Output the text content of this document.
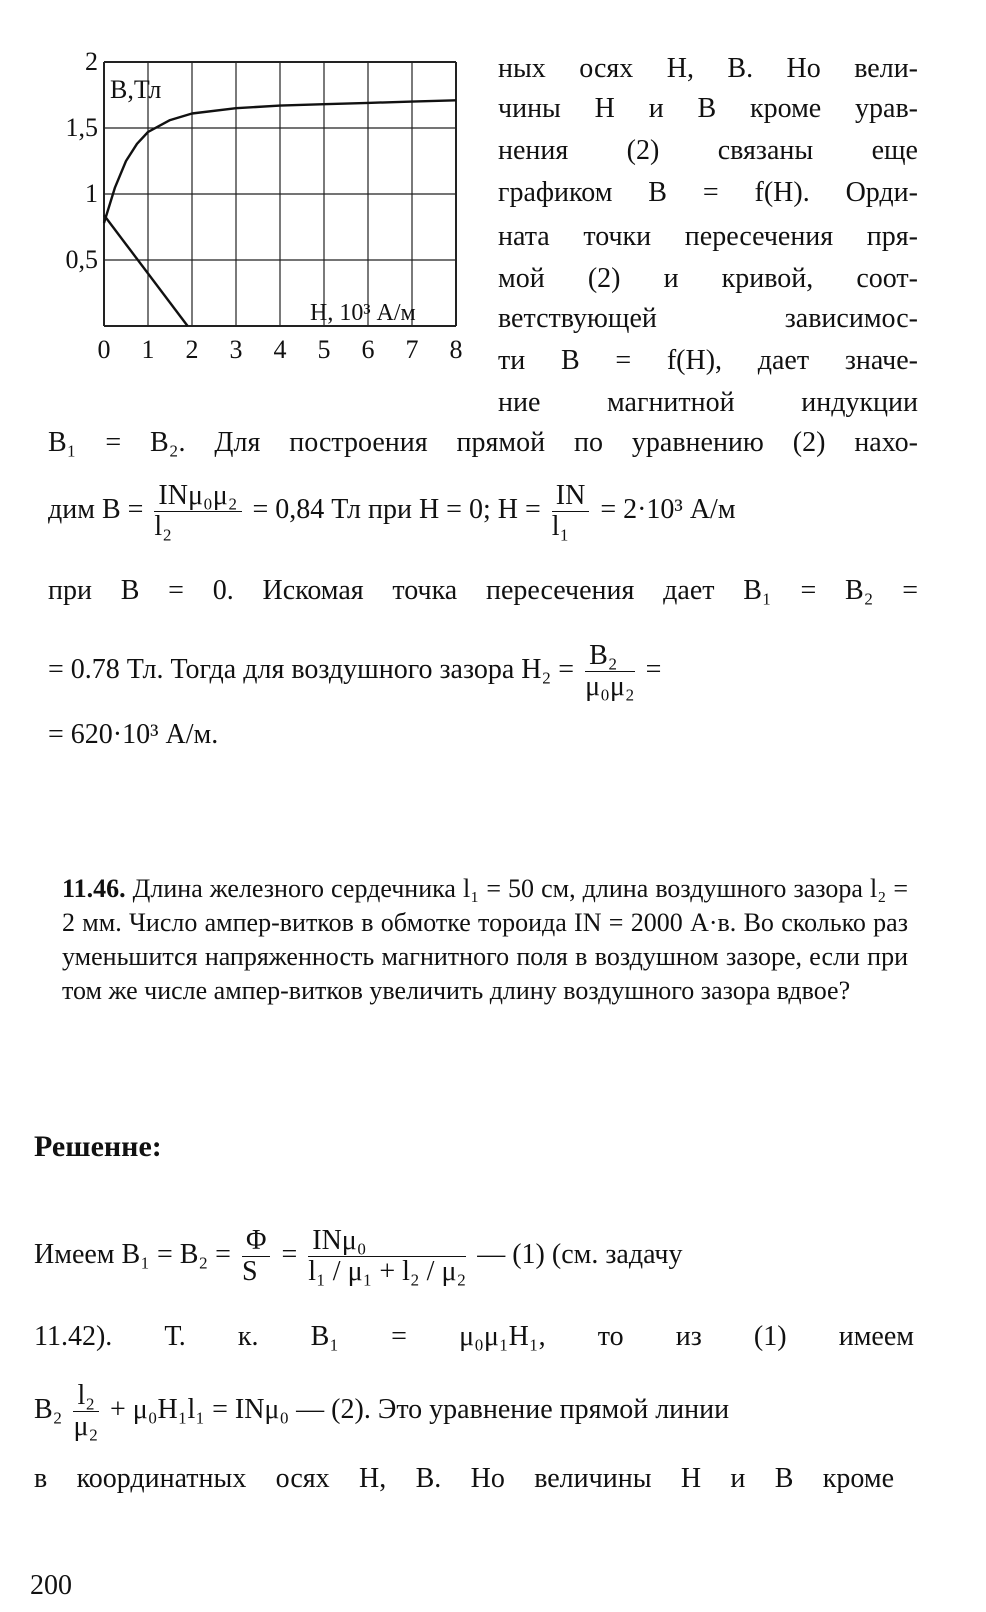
0 1 2 3 4 5 6 7 8
0,5
1
1,5
2
B,Тл
H, 10³ А/м
ных осях H, B. Но вели-
чины H и B кроме урав-
нения (2) связаны еще
графиком B = f(H). Орди-
ната точки пересечения пря-
мой (2) и кривой, соот-
ветствующей зависимос-
ти B = f(H), дает значе-
ние магнитной индукции
B₁ = B₂. Для построения прямой по уравнению (2) нахо-
дим $B = \frac{\text{INμ₀μ₂}}{\text{l₂}} = 0,84$ Тл при H = 0; $H = \frac{IN}{\text{l₁}} = 2\cdot 10^3$ А/м
при B = 0. Искомая точка пересечения дает B₁ = B₂ =
= 0.78 Тл. Тогда для воздушного зазора $H_2 = \frac{\text{B₂}}{\text{μ₀μ₂}}$ =
= 620·10³ А/м.
11.46. Длина железного сердечника l₁ = 50 см, длина воздушного зазора l₂ = 2 мм. Число ампер-витков в обмотке тороида IN = 2000 А·в. Во сколько раз уменьшится напряженность магнитного поля в воздушном зазоре, если при том же числе ампер-витков увеличить длину воздушного зазора вдвое?
Решенне:
Имеем $B_1 = B_2 = \frac{\Phi}{S} = \frac{\text{INμ₀}}{\text{l₁ / μ₁ + l₂ / μ₂}}$ — (1) (см. задачу
11.42). Т. к. B₁ = μ₀μ₁H₁, то из (1) имеем
$B_2 \frac{\text{l₂}}{\text{μ₂}} + \mu_0H_1l_1 = IN\mu_0$ — (2). Это уравнение прямой линии
в координатных осях H, B. Но величины H и B кроме
200
